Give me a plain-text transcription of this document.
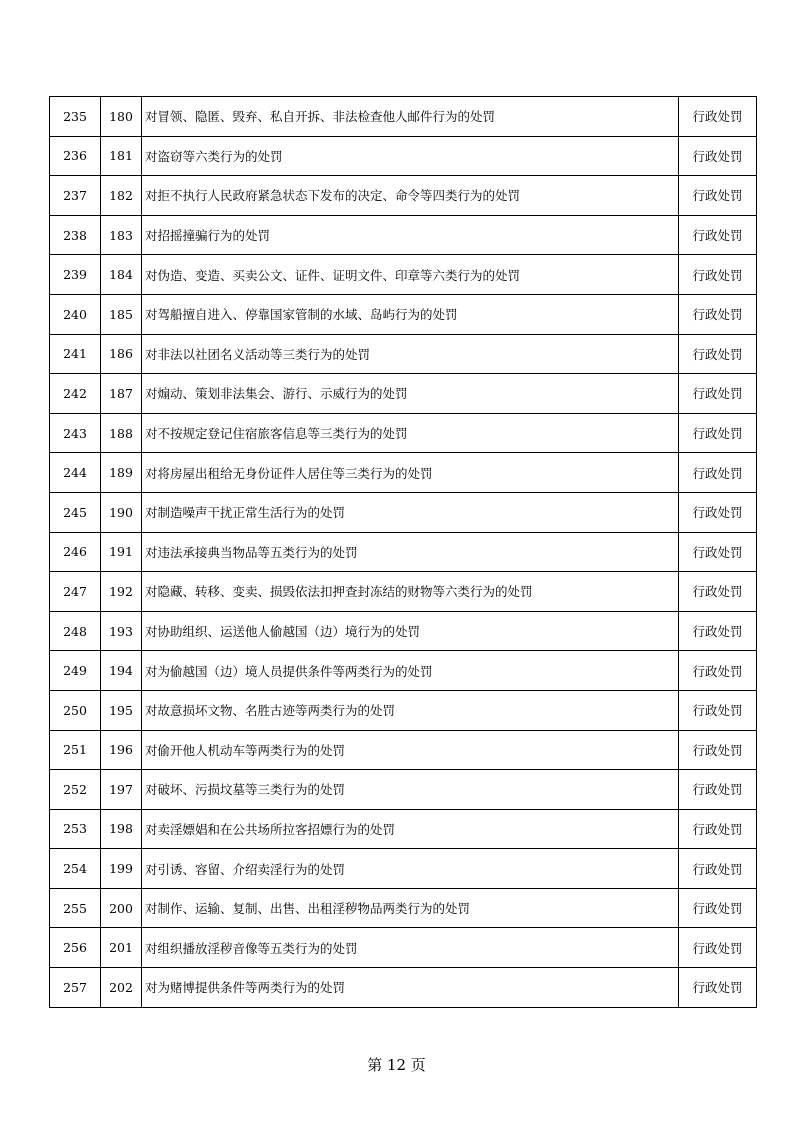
235	180	对冒领、隐匿、毁弃、私自开拆、非法检查他人邮件行为的处罚	行政处罚
236	181	对盗窃等六类行为的处罚	行政处罚
237	182	对拒不执行人民政府紧急状态下发布的决定、命令等四类行为的处罚	行政处罚
238	183	对招摇撞骗行为的处罚	行政处罚
239	184	对伪造、变造、买卖公文、证件、证明文件、印章等六类行为的处罚	行政处罚
240	185	对驾船擅自进入、停靠国家管制的水域、岛屿行为的处罚	行政处罚
241	186	对非法以社团名义活动等三类行为的处罚	行政处罚
242	187	对煽动、策划非法集会、游行、示威行为的处罚	行政处罚
243	188	对不按规定登记住宿旅客信息等三类行为的处罚	行政处罚
244	189	对将房屋出租给无身份证件人居住等三类行为的处罚	行政处罚
245	190	对制造噪声干扰正常生活行为的处罚	行政处罚
246	191	对违法承接典当物品等五类行为的处罚	行政处罚
247	192	对隐藏、转移、变卖、损毁依法扣押查封冻结的财物等六类行为的处罚	行政处罚
248	193	对协助组织、运送他人偷越国（边）境行为的处罚	行政处罚
249	194	对为偷越国（边）境人员提供条件等两类行为的处罚	行政处罚
250	195	对故意损坏文物、名胜古迹等两类行为的处罚	行政处罚
251	196	对偷开他人机动车等两类行为的处罚	行政处罚
252	197	对破坏、污损坟墓等三类行为的处罚	行政处罚
253	198	对卖淫嫖娼和在公共场所拉客招嫖行为的处罚	行政处罚
254	199	对引诱、容留、介绍卖淫行为的处罚	行政处罚
255	200	对制作、运输、复制、出售、出租淫秽物品两类行为的处罚	行政处罚
256	201	对组织播放淫秽音像等五类行为的处罚	行政处罚
257	202	对为赌博提供条件等两类行为的处罚	行政处罚
第 12 页
